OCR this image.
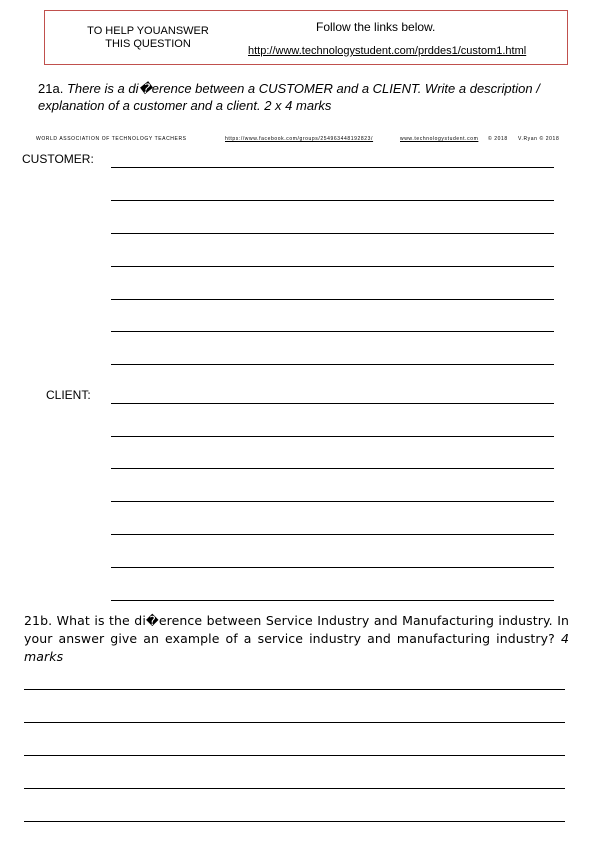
TO HELP YOUANSWER THIS QUESTION
Follow the links below.
http://www.technologystudent.com/prddes1/custom1.html
21a. There is a di�erence between a CUSTOMER and a CLIENT. Write a description / explanation of a customer and a client. 2 x 4 marks
WORLD ASSOCIATION OF TECHNOLOGY TEACHERS	https://www.facebook.com/groups/254963448192823/	www.technologystudent.com © 2018 V.Ryan © 2018
CUSTOMER:
CLIENT:
21b. What is the di�erence between Service Industry and Manufacturing industry. In your answer give an example of a service industry and manufacturing industry? 4 marks
